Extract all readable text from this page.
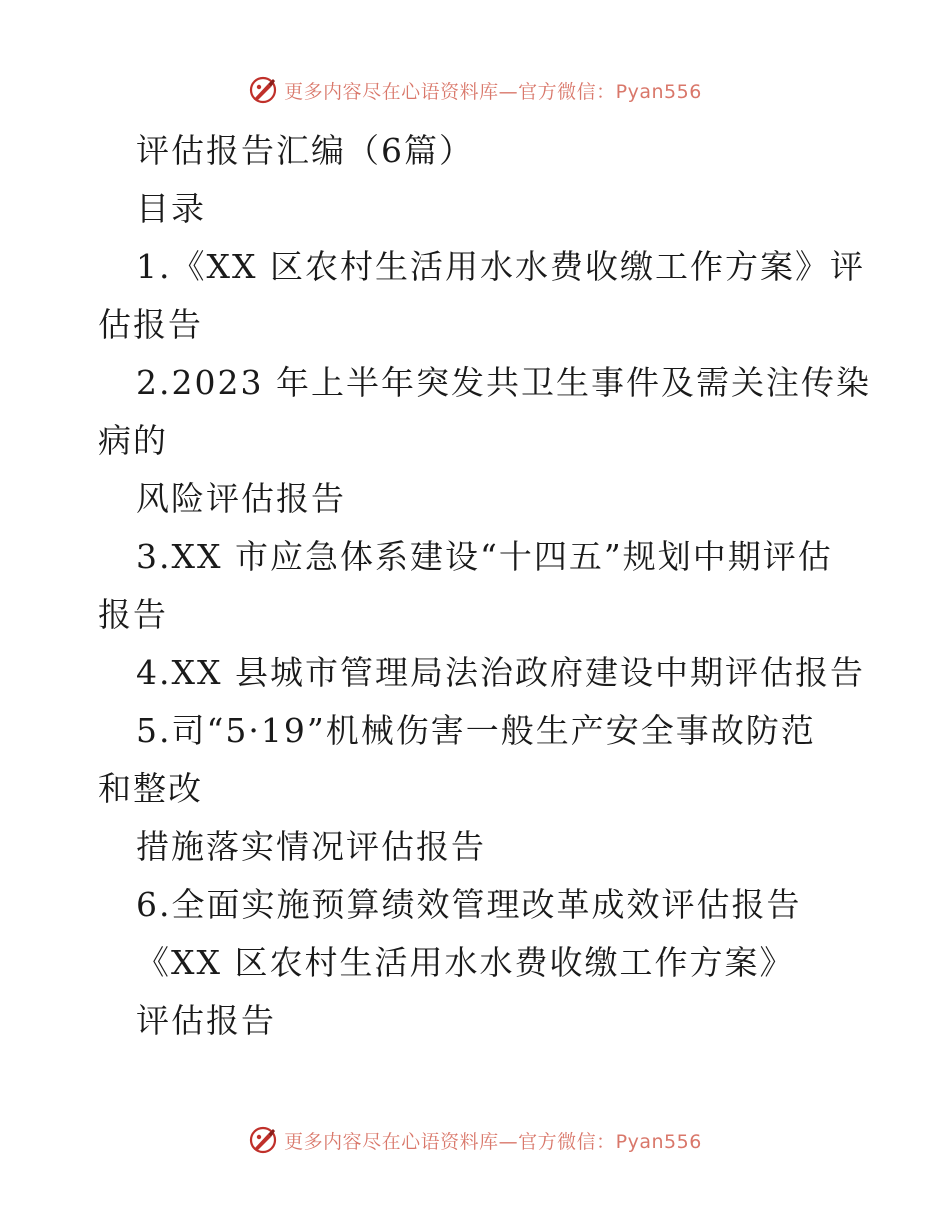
更多内容尽在心语资料库—官方微信：Pyan556
评估报告汇编（6篇）
目录
1.《XX 区农村生活用水水费收缴工作方案》评
估报告
2.2023 年上半年突发共卫生事件及需关注传染
病的
风险评估报告
3.XX 市应急体系建设“十四五”规划中期评估
报告
4.XX 县城市管理局法治政府建设中期评估报告
5.司“5·19”机械伤害一般生产安全事故防范
和整改
措施落实情况评估报告
6.全面实施预算绩效管理改革成效评估报告
《XX 区农村生活用水水费收缴工作方案》
评估报告
更多内容尽在心语资料库—官方微信：Pyan556
